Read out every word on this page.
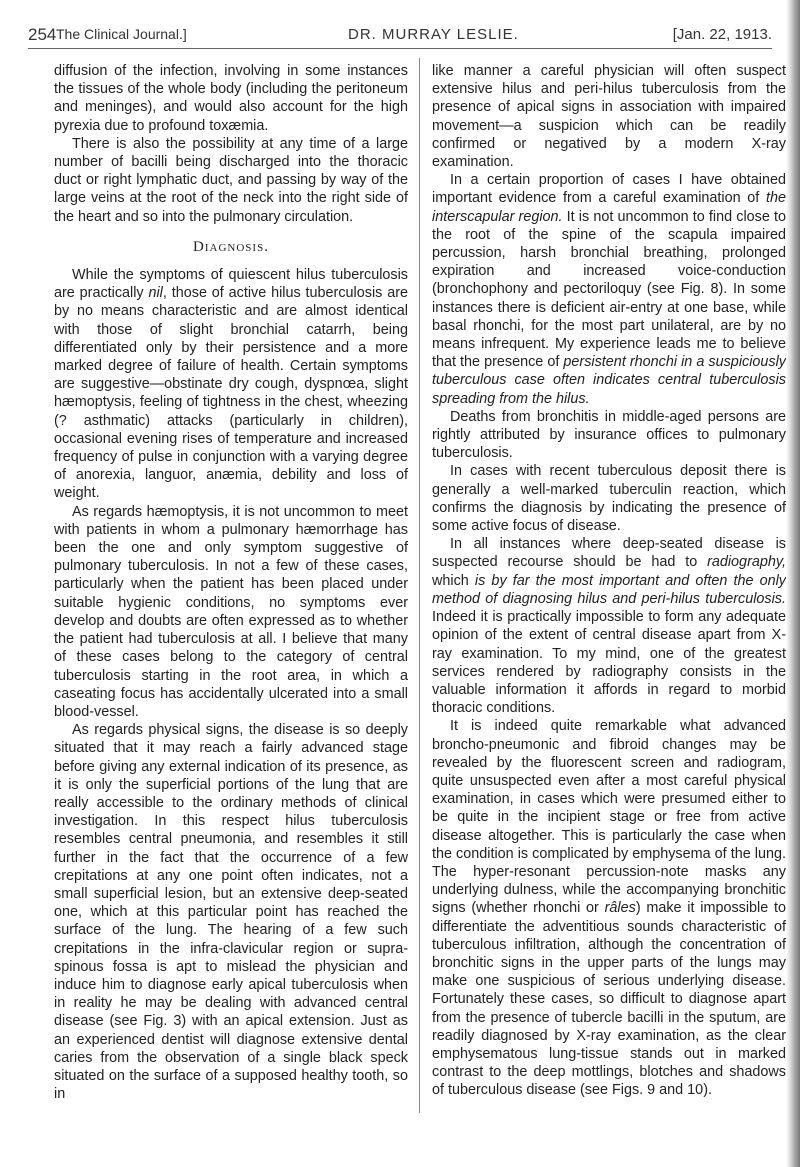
254 The Clinical Journal.]	DR. MURRAY LESLIE.	[Jan. 22, 1913.

diffusion of the infection, involving in some instances the tissues of the whole body (including the peritoneum and meninges), and would also account for the high pyrexia due to profound toxæmia.

There is also the possibility at any time of a large number of bacilli being discharged into the thoracic duct or right lymphatic duct, and passing by way of the large veins at the root of the neck into the right side of the heart and so into the pulmonary circulation.

Diagnosis.

While the symptoms of quiescent hilus tuberculosis are practically nil, those of active hilus tuberculosis are by no means characteristic and are almost identical with those of slight bronchial catarrh, being differentiated only by their persistence and a more marked degree of failure of health. Certain symptoms are suggestive—obstinate dry cough, dyspnœa, slight hæmoptysis, feeling of tightness in the chest, wheezing (? asthmatic) attacks (particularly in children), occasional evening rises of temperature and increased frequency of pulse in conjunction with a varying degree of anorexia, languor, anæmia, debility and loss of weight.

As regards hæmoptysis, it is not uncommon to meet with patients in whom a pulmonary hæmorrhage has been the one and only symptom suggestive of pulmonary tuberculosis. In not a few of these cases, particularly when the patient has been placed under suitable hygienic conditions, no symptoms ever develop and doubts are often expressed as to whether the patient had tuberculosis at all. I believe that many of these cases belong to the category of central tuberculosis starting in the root area, in which a caseating focus has accidentally ulcerated into a small blood-vessel.

As regards physical signs, the disease is so deeply situated that it may reach a fairly advanced stage before giving any external indication of its presence, as it is only the superficial portions of the lung that are really accessible to the ordinary methods of clinical investigation. In this respect hilus tuberculosis resembles central pneumonia, and resembles it still further in the fact that the occurrence of a few crepitations at any one point often indicates, not a small superficial lesion, but an extensive deep-seated one, which at this particular point has reached the surface of the lung. The hearing of a few such crepitations in the infra-clavicular region or supra-spinous fossa is apt to mislead the physician and induce him to diagnose early apical tuberculosis when in reality he may be dealing with advanced central disease (see Fig. 3) with an apical extension. Just as an experienced dentist will diagnose extensive dental caries from the observation of a single black speck situated on the surface of a supposed healthy tooth, so in

like manner a careful physician will often suspect extensive hilus and peri-hilus tuberculosis from the presence of apical signs in association with impaired movement—a suspicion which can be readily confirmed or negatived by a modern X-ray examination.

In a certain proportion of cases I have obtained important evidence from a careful examination of the interscapular region. It is not uncommon to find close to the root of the spine of the scapula impaired percussion, harsh bronchial breathing, prolonged expiration and increased voice-conduction (bronchophony and pectoriloquy (see Fig. 8). In some instances there is deficient air-entry at one base, while basal rhonchi, for the most part unilateral, are by no means infrequent. My experience leads me to believe that the presence of persistent rhonchi in a suspiciously tuberculous case often indicates central tuberculosis spreading from the hilus.

Deaths from bronchitis in middle-aged persons are rightly attributed by insurance offices to pulmonary tuberculosis.

In cases with recent tuberculous deposit there is generally a well-marked tuberculin reaction, which confirms the diagnosis by indicating the presence of some active focus of disease.

In all instances where deep-seated disease is suspected recourse should be had to radiography, which is by far the most important and often the only method of diagnosing hilus and peri-hilus tuberculosis. Indeed it is practically impossible to form any adequate opinion of the extent of central disease apart from X-ray examination. To my mind, one of the greatest services rendered by radiography consists in the valuable information it affords in regard to morbid thoracic conditions.

It is indeed quite remarkable what advanced broncho-pneumonic and fibroid changes may be revealed by the fluorescent screen and radiogram, quite unsuspected even after a most careful physical examination, in cases which were presumed either to be quite in the incipient stage or free from active disease altogether. This is particularly the case when the condition is complicated by emphysema of the lung. The hyper-resonant percussion-note masks any underlying dulness, while the accompanying bronchitic signs (whether rhonchi or râles) make it impossible to differentiate the adventitious sounds characteristic of tuberculous infiltration, although the concentration of bronchitic signs in the upper parts of the lungs may make one suspicious of serious underlying disease. Fortunately these cases, so difficult to diagnose apart from the presence of tubercle bacilli in the sputum, are readily diagnosed by X-ray examination, as the clear emphysematous lung-tissue stands out in marked contrast to the deep mottlings, blotches and shadows of tuberculous disease (see Figs. 9 and 10).
